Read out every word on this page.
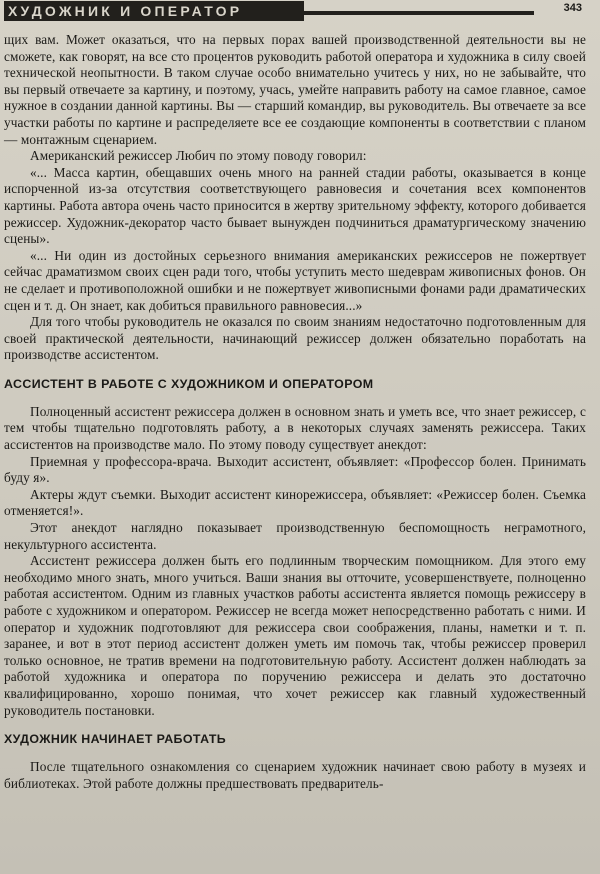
ХУДОЖНИК И ОПЕРАТОР	343

щих вам. Может оказаться, что на первых порах вашей производственной деятельности вы не сможете, как говорят, на все сто процентов руководить работой оператора и художника в силу своей технической неопытности. В таком случае особо внимательно учитесь у них, но не забывайте, что вы первый отвечаете за картину, и поэтому, учась, умейте направить работу на самое главное, самое нужное в создании данной картины. Вы — старший командир, вы руководитель. Вы отвечаете за все участки работы по картине и распределяете все ее создающие компоненты в соответствии с планом — монтажным сценарием.

Американский режиссер Любич по этому поводу говорил:

«... Масса картин, обещавших очень много на ранней стадии работы, оказывается в конце испорченной из-за отсутствия соответствующего равновесия и сочетания всех компонентов картины. Работа автора очень часто приносится в жертву зрительному эффекту, которого добивается режиссер. Художник-декоратор часто бывает вынужден подчиниться драматургическому значению сцены».

«... Ни один из достойных серьезного внимания американских режиссеров не пожертвует сейчас драматизмом своих сцен ради того, чтобы уступить место шедеврам живописных фонов. Он не сделает и противоположной ошибки и не пожертвует живописными фонами ради драматических сцен и т. д. Он знает, как добиться правильного равновесия...»

Для того чтобы руководитель не оказался по своим знаниям недостаточно подготовленным для своей практической деятельности, начинающий режиссер должен обязательно поработать на производстве ассистентом.

АССИСТЕНТ В РАБОТЕ С ХУДОЖНИКОМ И ОПЕРАТОРОМ

Полноценный ассистент режиссера должен в основном знать и уметь все, что знает режиссер, с тем чтобы тщательно подготовлять работу, а в некоторых случаях заменять режиссера. Таких ассистентов на производстве мало. По этому поводу существует анекдот:

Приемная у профессора-врача. Выходит ассистент, объявляет: «Профессор болен. Принимать буду я».

Актеры ждут съемки. Выходит ассистент кинорежиссера, объявляет: «Режиссер болен. Съемка отменяется!».

Этот анекдот наглядно показывает производственную беспомощность неграмотного, некультурного ассистента.

Ассистент режиссера должен быть его подлинным творческим помощником. Для этого ему необходимо много знать, много учиться. Ваши знания вы отточите, усовершенствуете, полноценно работая ассистентом. Одним из главных участков работы ассистента является помощь режиссеру в работе с художником и оператором. Режиссер не всегда может непосредственно работать с ними. И оператор и художник подготовляют для режиссера свои соображения, планы, наметки и т. п. заранее, и вот в этот период ассистент должен уметь им помочь так, чтобы режиссер проверил только основное, не тратив времени на подготовительную работу. Ассистент должен наблюдать за работой художника и оператора по поручению режиссера и делать это достаточно квалифицированно, хорошо понимая, что хочет режиссер как главный художественный руководитель постановки.

ХУДОЖНИК НАЧИНАЕТ РАБОТАТЬ

После тщательного ознакомления со сценарием художник начинает свою работу в музеях и библиотеках. Этой работе должны предшествовать предваритель-
